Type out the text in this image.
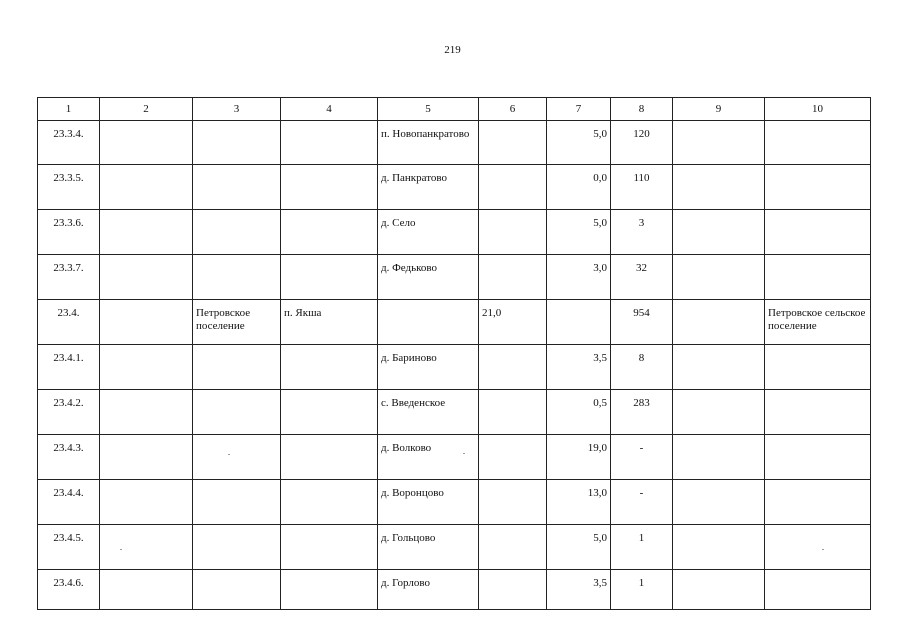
219
1	2	3	4	5	6	7	8	9	10
23.3.4.				п. Новопанкратово		5,0	120		
23.3.5.				д. Панкратово		0,0	110		
23.3.6.				д. Село		5,0	3		
23.3.7.				д. Федьково		3,0	32		
23.4.		Петровское поселение	п. Якша		21,0		954		Петровское сельское поселение
23.4.1.				д. Бариново		3,5	8		
23.4.2.				с. Введенское		0,5	283		
23.4.3.				д. Волково		19,0	-		
23.4.4.				д. Воронцово		13,0	-		
23.4.5.				д. Гольцово		5,0	1		
23.4.6.				д. Горлово		3,5	1		
